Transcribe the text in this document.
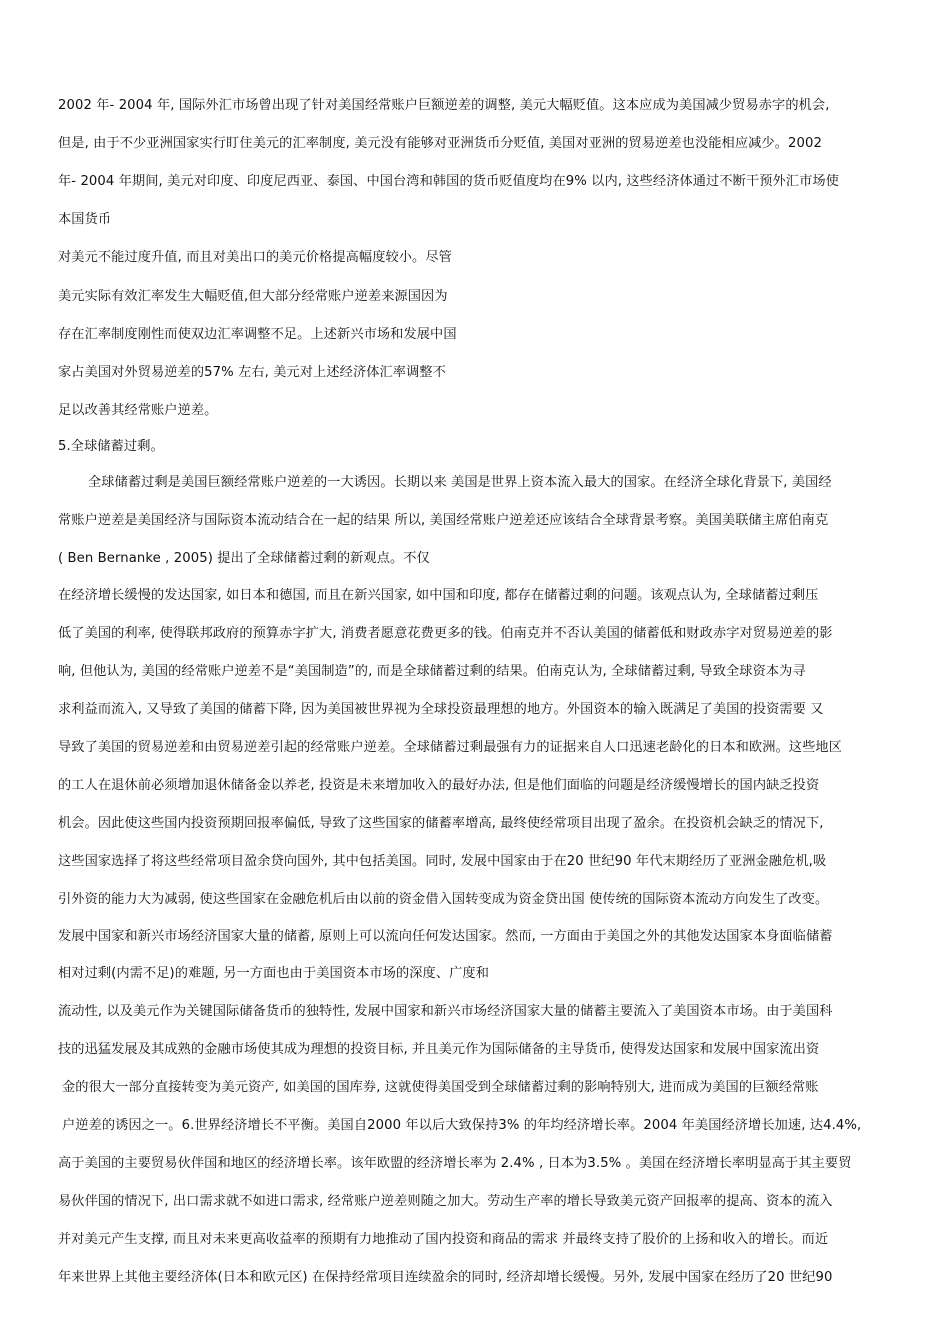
2002 年- 2004 年, 国际外汇市场曾出现了针对美国经常账户巨额逆差的调整, 美元大幅贬值。这本应成为美国减少贸易赤字的机会,
但是, 由于不少亚洲国家实行盯住美元的汇率制度, 美元没有能够对亚洲货币分贬值, 美国对亚洲的贸易逆差也没能相应减少。2002
年- 2004 年期间, 美元对印度、印度尼西亚、泰国、中国台湾和韩国的货币贬值度均在9% 以内, 这些经济体通过不断干预外汇市场使
本国货币
对美元不能过度升值, 而且对美出口的美元价格提高幅度较小。尽管
美元实际有效汇率发生大幅贬值,但大部分经常账户逆差来源国因为
存在汇率制度刚性而使双边汇率调整不足。上述新兴市场和发展中国
家占美国对外贸易逆差的57% 左右, 美元对上述经济体汇率调整不
足以改善其经常账户逆差。
5.全球储蓄过剩。
全球储蓄过剩是美国巨额经常账户逆差的一大诱因。长期以来 美国是世界上资本流入最大的国家。在经济全球化背景下, 美国经
常账户逆差是美国经济与国际资本流动结合在一起的结果 所以, 美国经常账户逆差还应该结合全球背景考察。美国美联储主席伯南克
( Ben Bernanke , 2005) 提出了全球储蓄过剩的新观点。不仅
在经济增长缓慢的发达国家, 如日本和德国, 而且在新兴国家, 如中国和印度, 都存在储蓄过剩的问题。该观点认为, 全球储蓄过剩压
低了美国的利率, 使得联邦政府的预算赤字扩大, 消费者愿意花费更多的钱。伯南克并不否认美国的储蓄低和财政赤字对贸易逆差的影
响, 但他认为, 美国的经常账户逆差不是“美国制造”的, 而是全球储蓄过剩的结果。伯南克认为, 全球储蓄过剩, 导致全球资本为寻
求利益而流入, 又导致了美国的储蓄下降, 因为美国被世界视为全球投资最理想的地方。外国资本的输入既满足了美国的投资需要 又
导致了美国的贸易逆差和由贸易逆差引起的经常账户逆差。全球储蓄过剩最强有力的证据来自人口迅速老龄化的日本和欧洲。这些地区
的工人在退休前必须增加退休储备金以养老, 投资是未来增加收入的最好办法, 但是他们面临的问题是经济缓慢增长的国内缺乏投资
机会。因此使这些国内投资预期回报率偏低, 导致了这些国家的储蓄率增高, 最终使经常项目出现了盈余。在投资机会缺乏的情况下,
这些国家选择了将这些经常项目盈余贷向国外, 其中包括美国。同时, 发展中国家由于在20 世纪90 年代末期经历了亚洲金融危机,吸
引外资的能力大为减弱, 使这些国家在金融危机后由以前的资金借入国转变成为资金贷出国 使传统的国际资本流动方向发生了改变。
发展中国家和新兴市场经济国家大量的储蓄, 原则上可以流向任何发达国家。然而, 一方面由于美国之外的其他发达国家本身面临储蓄
相对过剩(内需不足)的难题, 另一方面也由于美国资本市场的深度、广度和
流动性, 以及美元作为关键国际储备货币的独特性, 发展中国家和新兴市场经济国家大量的储蓄主要流入了美国资本市场。由于美国科
技的迅猛发展及其成熟的金融市场使其成为理想的投资目标, 并且美元作为国际储备的主导货币, 使得发达国家和发展中国家流出资
金的很大一部分直接转变为美元资产, 如美国的国库券, 这就使得美国受到全球储蓄过剩的影响特别大, 进而成为美国的巨额经常账
户逆差的诱因之一。6.世界经济增长不平衡。美国自2000 年以后大致保持3% 的年均经济增长率。2004 年美国经济增长加速, 达4.4%,
高于美国的主要贸易伙伴国和地区的经济增长率。该年欧盟的经济增长率为 2.4% , 日本为3.5% 。美国在经济增长率明显高于其主要贸
易伙伴国的情况下, 出口需求就不如进口需求, 经常账户逆差则随之加大。劳动生产率的增长导致美元资产回报率的提高、资本的流入
并对美元产生支撑, 而且对未来更高收益率的预期有力地推动了国内投资和商品的需求 并最终支持了股价的上扬和收入的增长。而近
年来世界上其他主要经济体(日本和欧元区) 在保持经常项目连续盈余的同时, 经济却增长缓慢。另外, 发展中国家在经历了20 世纪90
